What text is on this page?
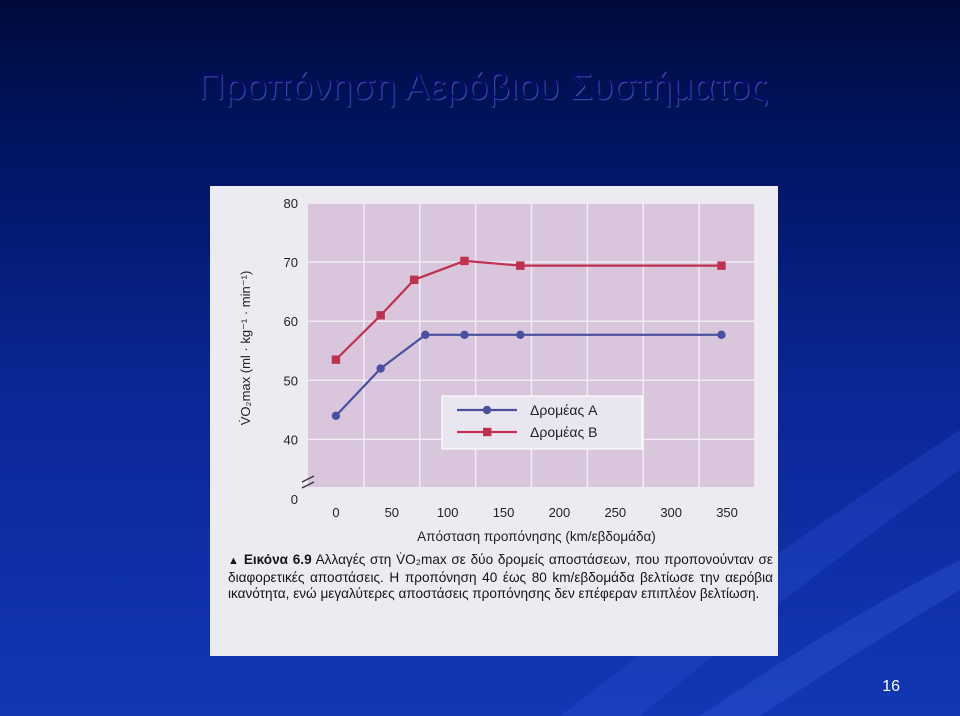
Προπόνηση Αερόβιου Συστήματος
0
40
50
60
70
80
0	50	100	150	200	250	300	350
Απόσταση προπόνησης (km/εβδομάδα)
V̇O₂max (ml · kg⁻¹ · min⁻¹)	Δρομέας A
Δρομέας B
▲ Εικόνα 6.9 Αλλαγές στη V̇O₂max σε δύο δρομείς αποστάσεων, που προπονούνταν σε διαφορετικές αποστάσεις. Η προπόνηση 40 έως 80 km/εβδομάδα βελτίωσε την αερόβια ικανότητα, ενώ μεγαλύτερες αποστάσεις προπόνησης δεν επέφεραν επιπλέον βελτίωση.
16
